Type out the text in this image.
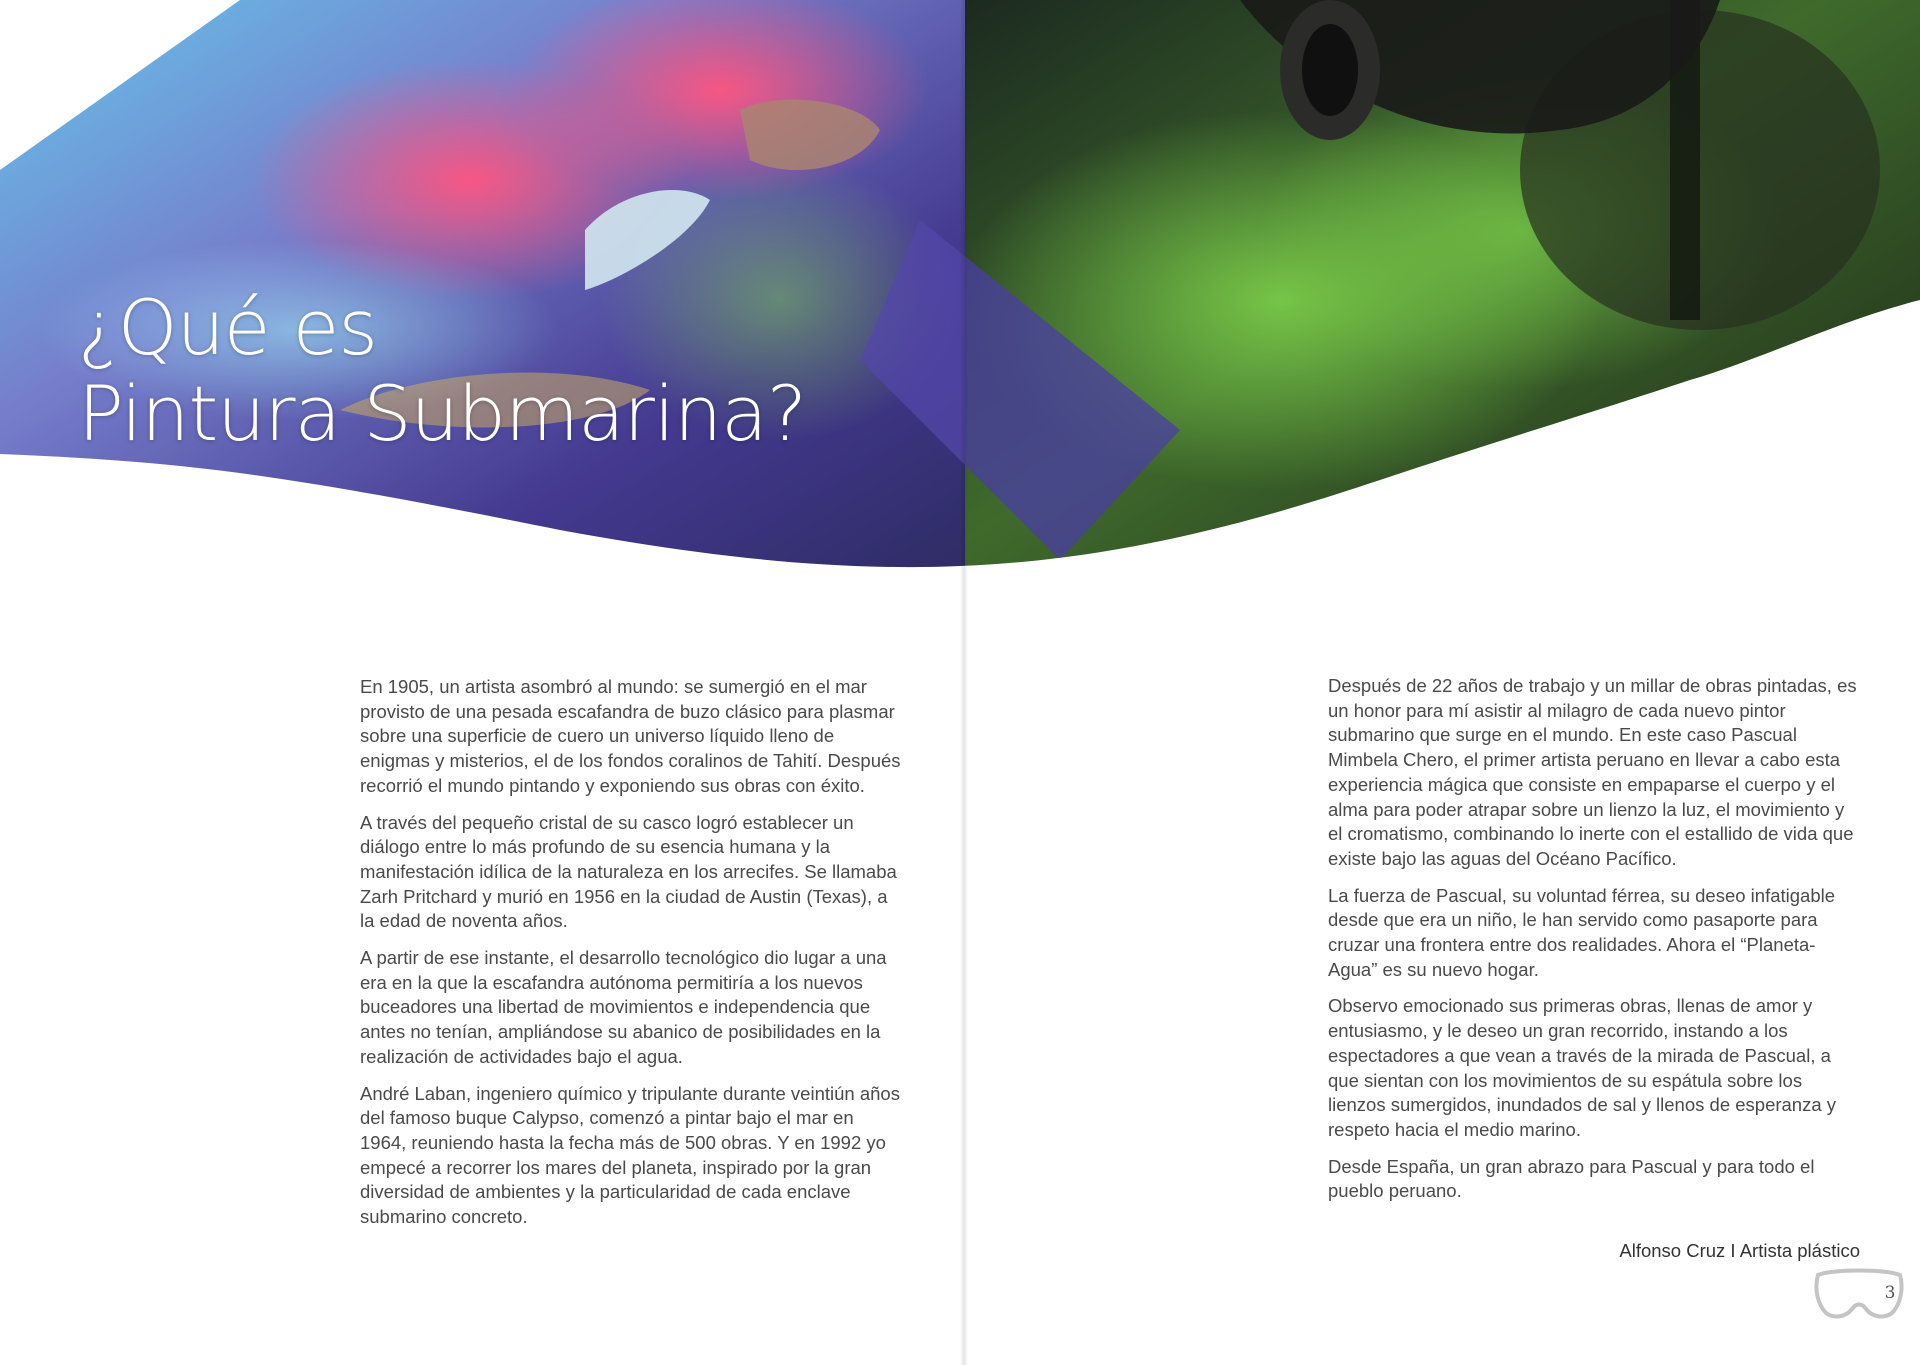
¿Qué es
Pintura Submarina?

En 1905, un artista asombró al mundo: se sumergió en el mar provisto de una pesada escafandra de buzo clásico para plasmar sobre una superficie de cuero un universo líquido lleno de enigmas y misterios, el de los fondos coralinos de Tahití. Después recorrió el mundo pintando y exponiendo sus obras con éxito.

A través del pequeño cristal de su casco logró establecer un diálogo entre lo más profundo de su esencia humana y la manifestación idílica de la naturaleza en los arrecifes. Se llamaba Zarh Pritchard y murió en 1956 en la ciudad de Austin (Texas), a la edad de noventa años.

A partir de ese instante, el desarrollo tecnológico dio lugar a una era en la que la escafandra autónoma permitiría a los nuevos buceadores una libertad de movimientos e independencia que antes no tenían, ampliándose su abanico de posibilidades en la realización de actividades bajo el agua.

André Laban, ingeniero químico y tripulante durante veintiún años del famoso buque Calypso, comenzó a pintar bajo el mar en 1964, reuniendo hasta la fecha más de 500 obras. Y en 1992 yo empecé a recorrer los mares del planeta, inspirado por la gran diversidad de ambientes y la particularidad de cada enclave submarino concreto.

Después de 22 años de trabajo y un millar de obras pintadas, es un honor para mí asistir al milagro de cada nuevo pintor submarino que surge en el mundo. En este caso Pascual Mimbela Chero, el primer artista peruano en llevar a cabo esta experiencia mágica que consiste en empaparse el cuerpo y el alma para poder atrapar sobre un lienzo la luz, el movimiento y el cromatismo, combinando lo inerte con el estallido de vida que existe bajo las aguas del Océano Pacífico.

La fuerza de Pascual, su voluntad férrea, su deseo infatigable desde que era un niño, le han servido como pasaporte para cruzar una frontera entre dos realidades. Ahora el “Planeta-Agua” es su nuevo hogar.

Observo emocionado sus primeras obras, llenas de amor y entusiasmo, y le deseo un gran recorrido, instando a los espectadores a que vean a través de la mirada de Pascual, a que sientan con los movimientos de su espátula sobre los lienzos sumergidos, inundados de sal y llenos de esperanza y respeto hacia el medio marino.

Desde España, un gran abrazo para Pascual y para todo el pueblo peruano.

Alfonso Cruz I Artista plástico
3
